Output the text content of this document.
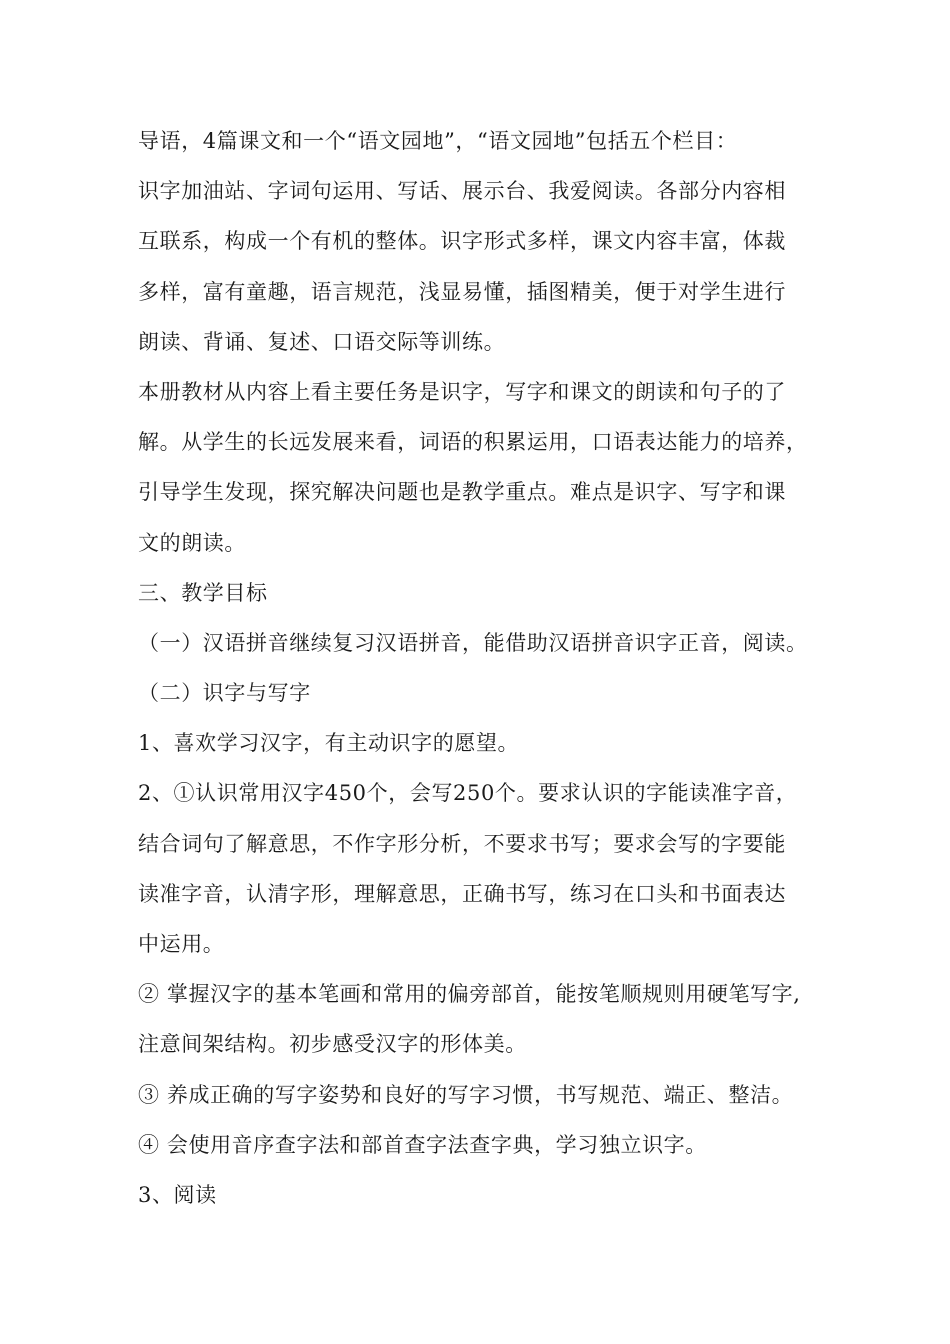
导语，4篇课文和一个“语文园地”，“语文园地”包括五个栏目：
识字加油站、字词句运用、写话、展示台、我爱阅读。各部分内容相
互联系，构成一个有机的整体。识字形式多样，课文内容丰富，体裁
多样，富有童趣，语言规范，浅显易懂，插图精美，便于对学生进行
朗读、背诵、复述、口语交际等训练。
本册教材从内容上看主要任务是识字，写字和课文的朗读和句子的了
解。从学生的长远发展来看，词语的积累运用，口语表达能力的培养，
引导学生发现，探究解决问题也是教学重点。难点是识字、写字和课
文的朗读。
三、教学目标
（一）汉语拼音继续复习汉语拼音，能借助汉语拼音识字正音，阅读。
（二）识字与写字
1、喜欢学习汉字，有主动识字的愿望。
2、①认识常用汉字450个，会写250个。要求认识的字能读准字音，
结合词句了解意思，不作字形分析，不要求书写；要求会写的字要能
读准字音，认清字形，理解意思，正确书写，练习在口头和书面表达
中运用。
② 掌握汉字的基本笔画和常用的偏旁部首，能按笔顺规则用硬笔写字,
注意间架结构。初步感受汉字的形体美。
③ 养成正确的写字姿势和良好的写字习惯，书写规范、端正、整洁。
④ 会使用音序查字法和部首查字法查字典，学习独立识字。
3、阅读
